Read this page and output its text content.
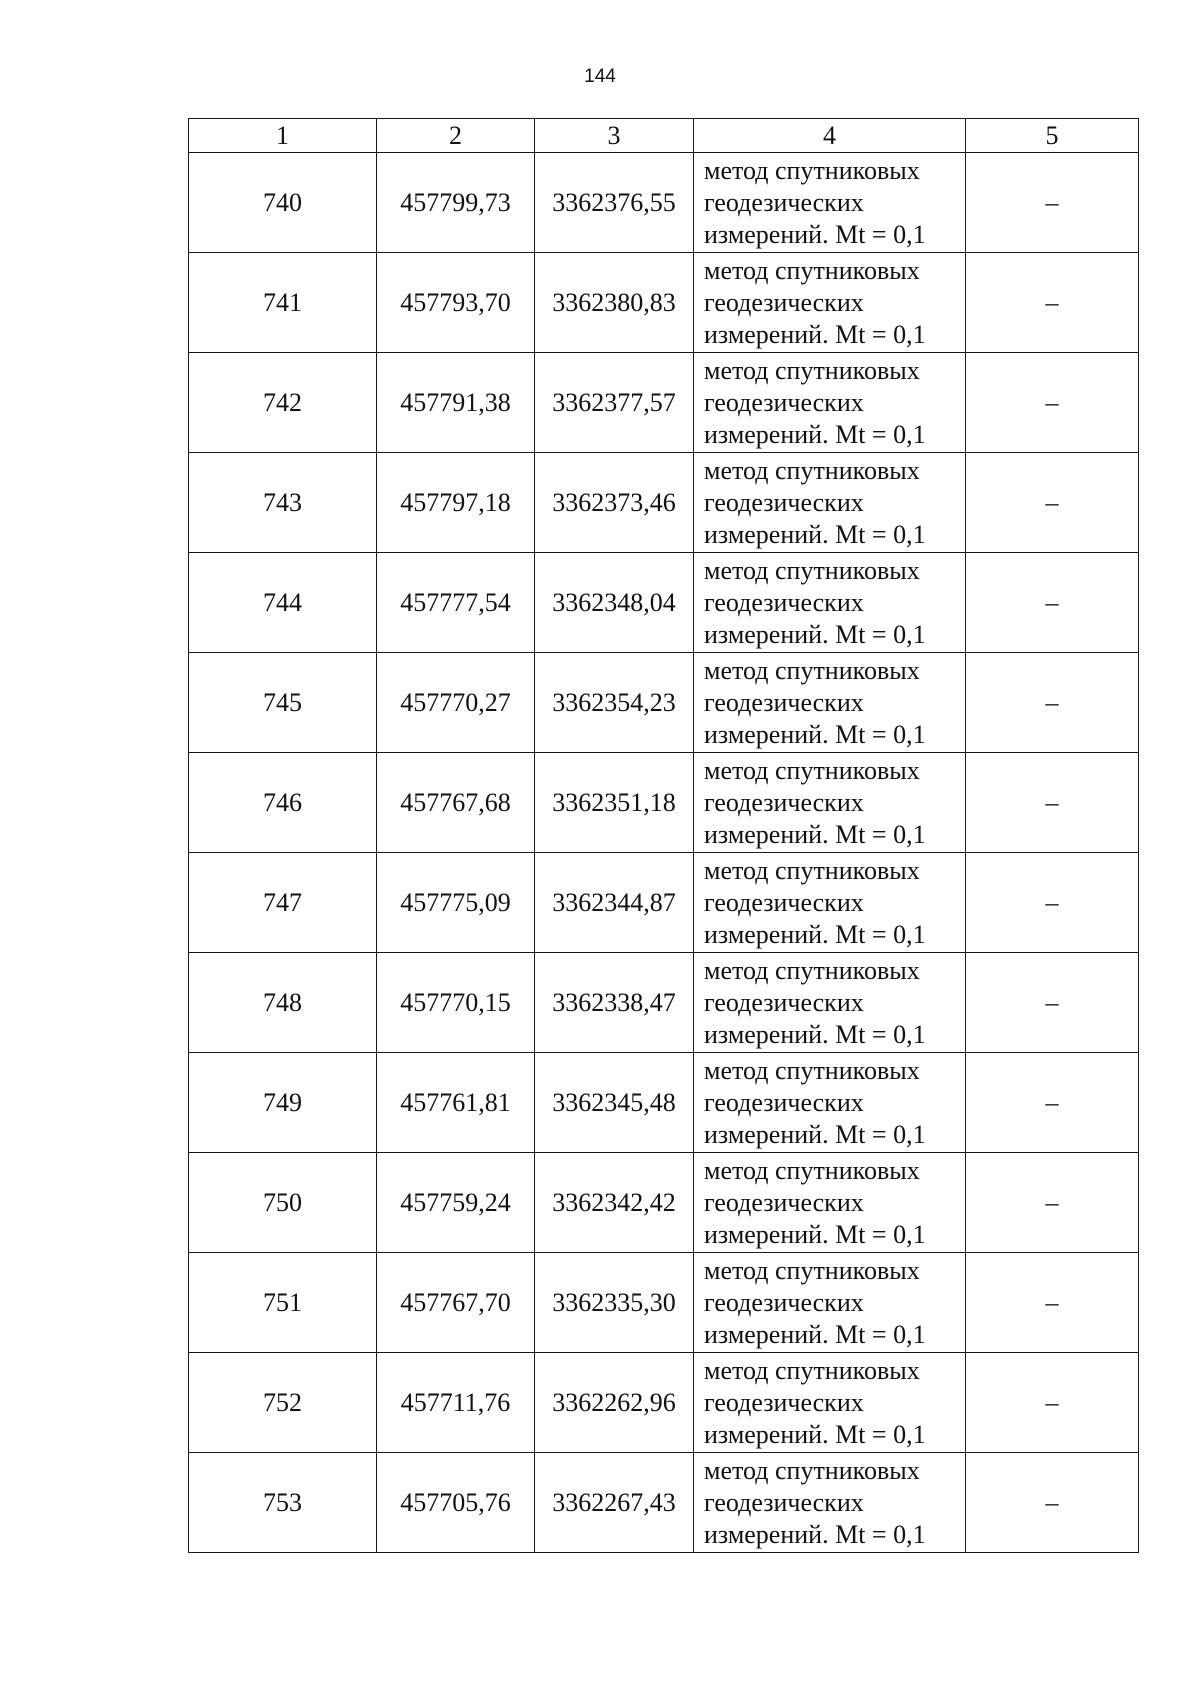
144
1	2	3	4	5
740	457799,73	3362376,55	метод спутниковых
геодезических
измерений. Mt = 0,1	–
741	457793,70	3362380,83	метод спутниковых
геодезических
измерений. Mt = 0,1	–
742	457791,38	3362377,57	метод спутниковых
геодезических
измерений. Mt = 0,1	–
743	457797,18	3362373,46	метод спутниковых
геодезических
измерений. Mt = 0,1	–
744	457777,54	3362348,04	метод спутниковых
геодезических
измерений. Mt = 0,1	–
745	457770,27	3362354,23	метод спутниковых
геодезических
измерений. Mt = 0,1	–
746	457767,68	3362351,18	метод спутниковых
геодезических
измерений. Mt = 0,1	–
747	457775,09	3362344,87	метод спутниковых
геодезических
измерений. Mt = 0,1	–
748	457770,15	3362338,47	метод спутниковых
геодезических
измерений. Mt = 0,1	–
749	457761,81	3362345,48	метод спутниковых
геодезических
измерений. Mt = 0,1	–
750	457759,24	3362342,42	метод спутниковых
геодезических
измерений. Mt = 0,1	–
751	457767,70	3362335,30	метод спутниковых
геодезических
измерений. Mt = 0,1	–
752	457711,76	3362262,96	метод спутниковых
геодезических
измерений. Mt = 0,1	–
753	457705,76	3362267,43	метод спутниковых
геодезических
измерений. Mt = 0,1	–
